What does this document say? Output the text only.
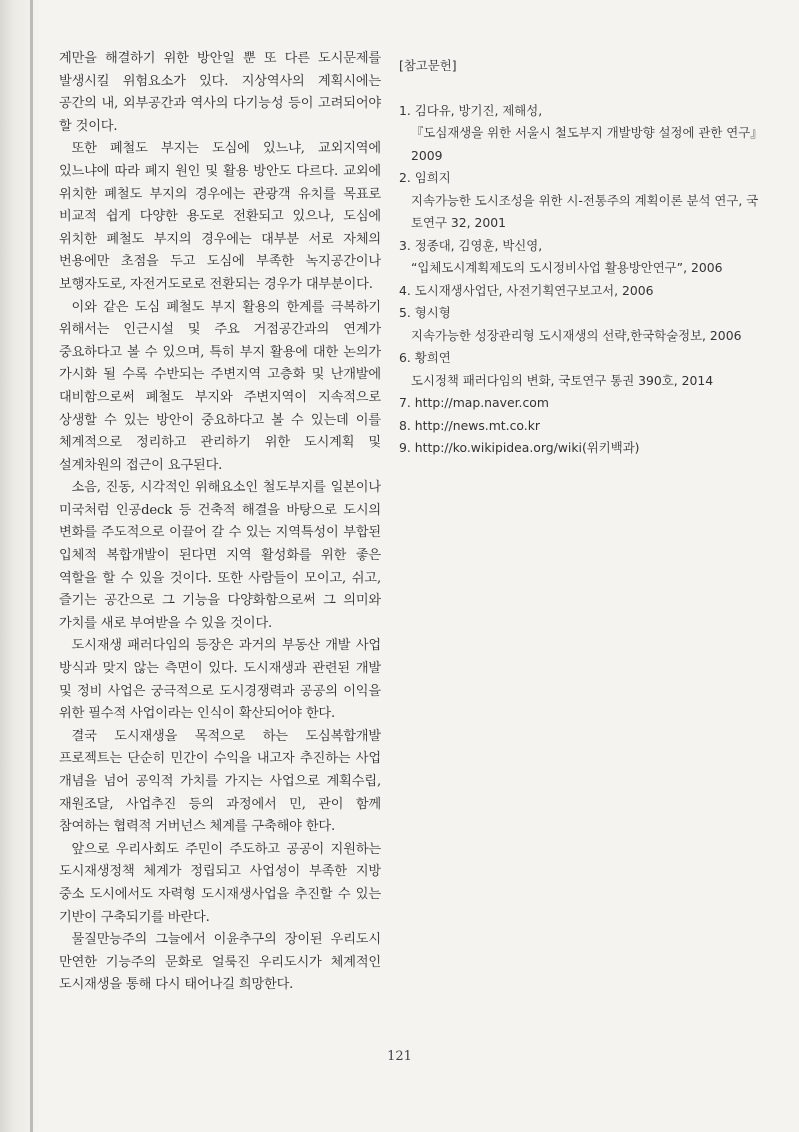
계만을 해결하기 위한 방안일 뿐 또 다른 도시문제를 발생시킬 위험요소가 있다. 지상역사의 계획시에는 공간의 내, 외부공간과 역사의 다기능성 등이 고려되어야 할 것이다.

또한 폐철도 부지는 도심에 있느냐, 교외지역에 있느냐에 따라 폐지 원인 및 활용 방안도 다르다. 교외에 위치한 폐철도 부지의 경우에는 관광객 유치를 목표로 비교적 쉽게 다양한 용도로 전환되고 있으나, 도심에 위치한 폐철도 부지의 경우에는 대부분 서로 자체의 번용에만 초점을 두고 도심에 부족한 녹지공간이나 보행자도로, 자전거도로로 전환되는 경우가 대부분이다.

이와 같은 도심 폐철도 부지 활용의 한계를 극복하기 위해서는 인근시설 및 주요 거점공간과의 연계가 중요하다고 볼 수 있으며, 특히 부지 활용에 대한 논의가 가시화 될 수록 수반되는 주변지역 고층화 및 난개발에 대비함으로써 폐철도 부지와 주변지역이 지속적으로 상생할 수 있는 방안이 중요하다고 볼 수 있는데 이를 체계적으로 정리하고 관리하기 위한 도시계획 및 설계차원의 접근이 요구된다.

소음, 진동, 시각적인 위해요소인 철도부지를 일본이나 미국처럼 인공deck 등 건축적 해결을 바탕으로 도시의 변화를 주도적으로 이끌어 갈 수 있는 지역특성이 부합된 입체적 복합개발이 된다면 지역 활성화를 위한 좋은 역할을 할 수 있을 것이다. 또한 사람들이 모이고, 쉬고, 즐기는 공간으로 그 기능을 다양화함으로써 그 의미와 가치를 새로 부여받을 수 있을 것이다.

도시재생 패러다임의 등장은 과거의 부동산 개발 사업 방식과 맞지 않는 측면이 있다. 도시재생과 관련된 개발 및 정비 사업은 궁극적으로 도시경쟁력과 공공의 이익을 위한 필수적 사업이라는 인식이 확산되어야 한다.

결국 도시재생을 목적으로 하는 도심복합개발 프로젝트는 단순히 민간이 수익을 내고자 추진하는 사업 개념을 넘어 공익적 가치를 가지는 사업으로 계획수립, 재원조달, 사업추진 등의 과정에서 민, 관이 함께 참여하는 협력적 거버넌스 체계를 구축해야 한다.

앞으로 우리사회도 주민이 주도하고 공공이 지원하는 도시재생정책 체계가 정립되고 사업성이 부족한 지방 중소 도시에서도 자력형 도시재생사업을 추진할 수 있는 기반이 구축되기를 바란다.

물질만능주의 그늘에서 이윤추구의 장이된 우리도시 만연한 기능주의 문화로 얼룩진 우리도시가 체계적인 도시재생을 통해 다시 태어나길 희망한다.

[참고문헌]
1. 김다유, 방기진, 제해성,
『도심재생을 위한 서울시 철도부지 개발방향 설정에 관한 연구』2009
2. 임희지
지속가능한 도시조성을 위한 시-전통주의 계획이론 분석 연구, 국토연구 32, 2001
3. 정종대, 김영훈, 박신영,
“입체도시계획제도의 도시정비사업 활용방안연구”, 2006
4. 도시재생사업단, 사전기획연구보고서, 2006
5. 형시형
지속가능한 성장관리형 도시재생의 선략,한국학술정보, 2006
6. 황희연
도시정책 패러다임의 변화, 국토연구 통권 390호, 2014
7. http://map.naver.com
8. http://news.mt.co.kr
9. http://ko.wikipidea.org/wiki(위키백과)
121
